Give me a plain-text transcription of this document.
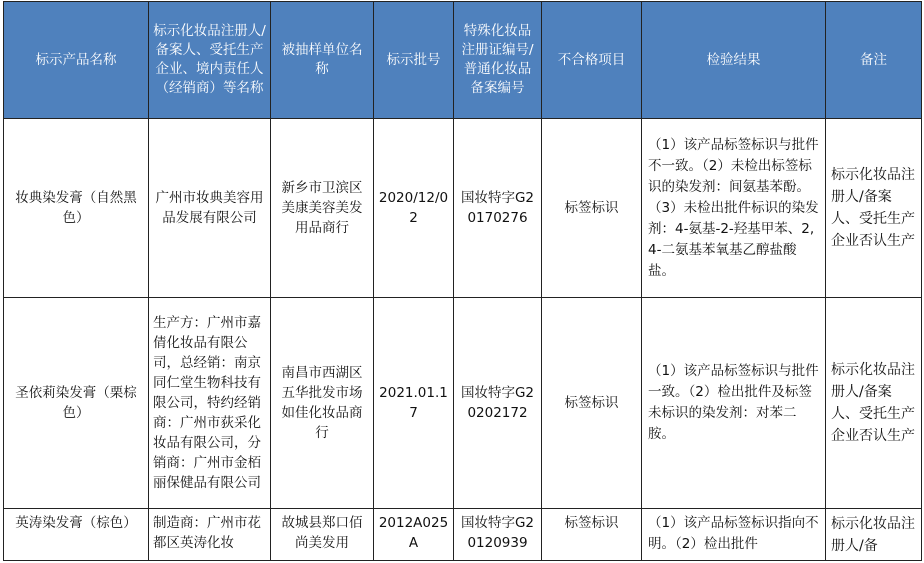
标示产品名称	标示化妆品注册人/备案人、受托生产企业、境内责任人（经销商）等名称	被抽样单位名称	标示批号	特殊化妆品注册证编号/普通化妆品备案编号	不合格项目	检验结果	备注
妆典染发膏（自然黑色）	广州市妆典美容用品发展有限公司	新乡市卫滨区美康美容美发用品商行	2020/12/02	国妆特字G20170276	标签标识	（1）该产品标签标识与批件不一致。（2）未检出标签标识的染发剂：间氨基苯酚。（3）未检出批件标识的染发剂：4-氨基-2-羟基甲苯、2,4-二氨基苯氧基乙醇盐酸盐。	标示化妆品注册人/备案人、受托生产企业否认生产
圣依莉染发膏（栗棕色）	生产方：广州市嘉倩化妆品有限公司，总经销：南京同仁堂生物科技有限公司，特约经销商：广州市荻采化妆品有限公司，分销商：广州市金栢丽保健品有限公司	南昌市西湖区五华批发市场如佳化妆品商行	2021.01.17	国妆特字G20202172	标签标识	（1）该产品标签标识与批件一致。（2）检出批件及标签未标识的染发剂：对苯二胺。	标示化妆品注册人/备案人、受托生产企业否认生产
英涛染发膏（棕色）	制造商：广州市花都区英涛化妆	故城县郑口佰尚美发用	2012A025A	国妆特字G20120939	标签标识	（1）该产品标签标识指向不明。（2）检出批件	标示化妆品注册人/备
